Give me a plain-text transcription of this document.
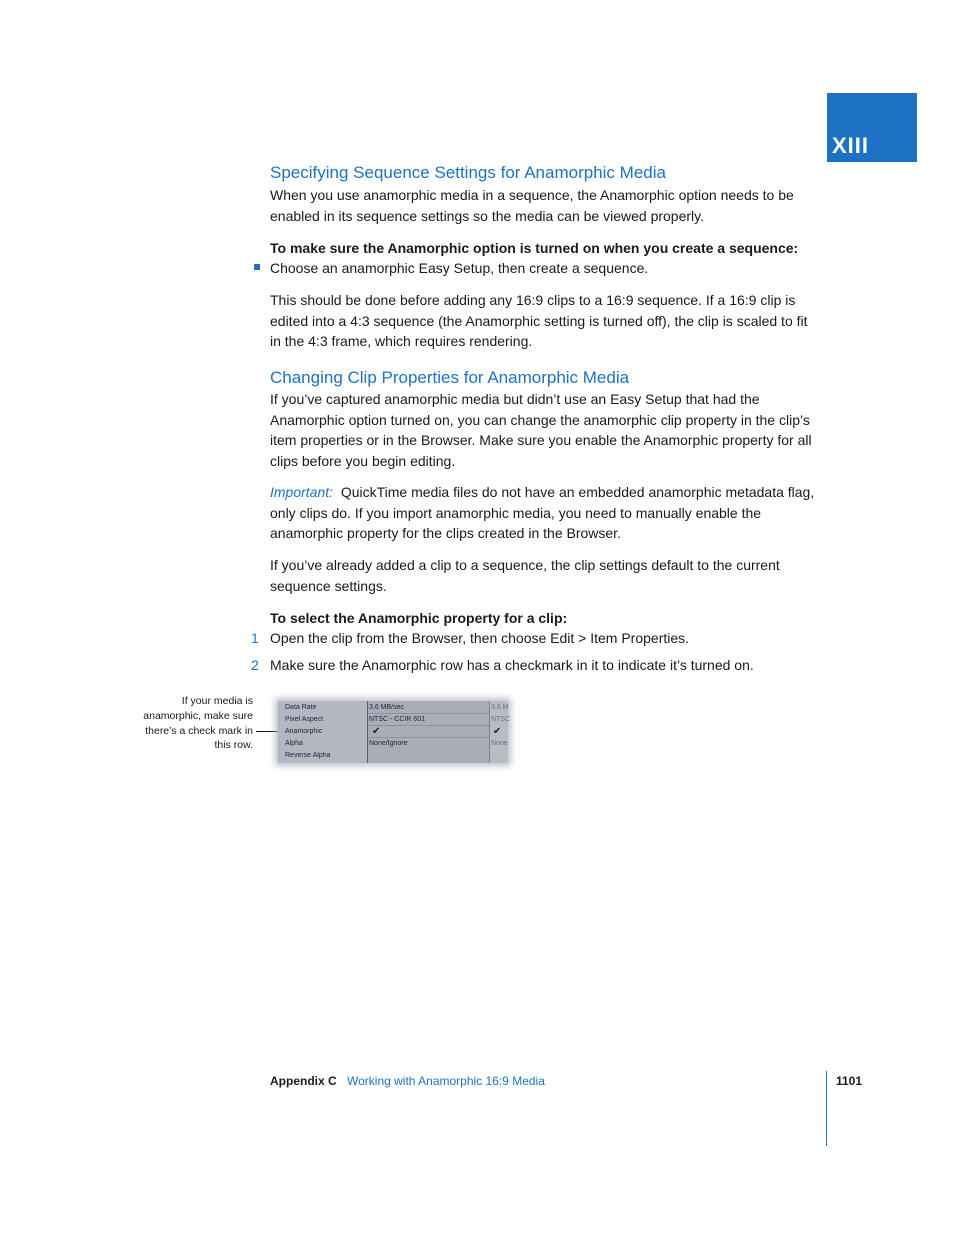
XIII
Specifying Sequence Settings for Anamorphic Media

When you use anamorphic media in a sequence, the Anamorphic option needs to be enabled in its sequence settings so the media can be viewed properly.

To make sure the Anamorphic option is turned on when you create a sequence:

Choose an anamorphic Easy Setup, then create a sequence.

This should be done before adding any 16:9 clips to a 16:9 sequence. If a 16:9 clip is edited into a 4:3 sequence (the Anamorphic setting is turned off), the clip is scaled to fit in the 4:3 frame, which requires rendering.

Changing Clip Properties for Anamorphic Media

If you’ve captured anamorphic media but didn’t use an Easy Setup that had the Anamorphic option turned on, you can change the anamorphic clip property in the clip’s item properties or in the Browser. Make sure you enable the Anamorphic property for all clips before you begin editing.

Important: QuickTime media files do not have an embedded anamorphic metadata flag, only clips do. If you import anamorphic media, you need to manually enable the anamorphic property for the clips created in the Browser.

If you’ve already added a clip to a sequence, the clip settings default to the current sequence settings.

To select the Anamorphic property for a clip:

1 Open the clip from the Browser, then choose Edit > Item Properties.

2 Make sure the Anamorphic row has a checkmark in it to indicate it’s turned on.

If your media is anamorphic, make sure there’s a check mark in this row.
Data Rate	3.6 MB/sec	3.6 M
Pixel Aspect	NTSC - CCIR 601	NTSC
Anamorphic	✔	✔
Alpha	None/Ignore	None
Reverse Alpha
Appendix C Working with Anamorphic 16:9 Media	1101
